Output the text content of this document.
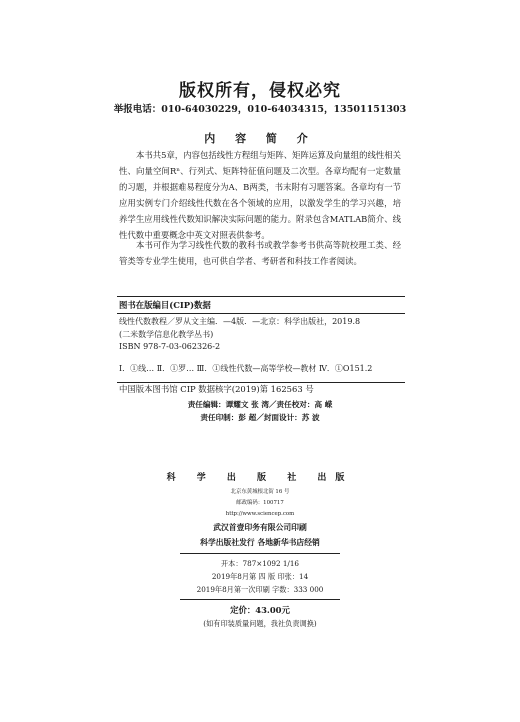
版权所有，侵权必究
举报电话：010-64030229，010-64034315，13501151303
内 容 简 介
本书共5章，内容包括线性方程组与矩阵、矩阵运算及向量组的线性相关性、向量空间Rⁿ、行列式、矩阵特征值问题及二次型。各章均配有一定数量的习题，并根据难易程度分为A、B两类，书末附有习题答案。各章均有一节应用实例专门介绍线性代数在各个领域的应用，以激发学生的学习兴趣，培养学生应用线性代数知识解决实际问题的能力。附录包含MATLAB简介、线性代数中重要概念中英文对照表供参考。
本书可作为学习线性代数的教科书或教学参考书供高等院校理工类、经管类等专业学生使用，也可供自学者、考研者和科技工作者阅读。
图书在版编目(CIP)数据
线性代数教程／罗从文主编．—4版．—北京：科学出版社，2019.8
(二米数学信息化教学丛书)
ISBN 978-7-03-062326-2
Ⅰ．①线… Ⅱ．①罗… Ⅲ．①线性代数—高等学校—教材 Ⅳ．①O151.2
中国版本图书馆 CIP 数据核字(2019)第 162563 号
责任编辑：谭耀文 张 湾／责任校对：高 嵘
责任印制：彭 超／封面设计：苏 波
科 学 出 版 社 出版
北京东黄城根北街 16 号
邮政编码：100717
http://www.sciencep.com
武汉首壹印务有限公司印刷
科学出版社发行 各地新华书店经销
开本：787×1092 1/16
2019年8月第 四 版 印张：14
2019年8月第一次印刷 字数：333 000
定价：43.00元
(如有印装质量问题，我社负责调换)
